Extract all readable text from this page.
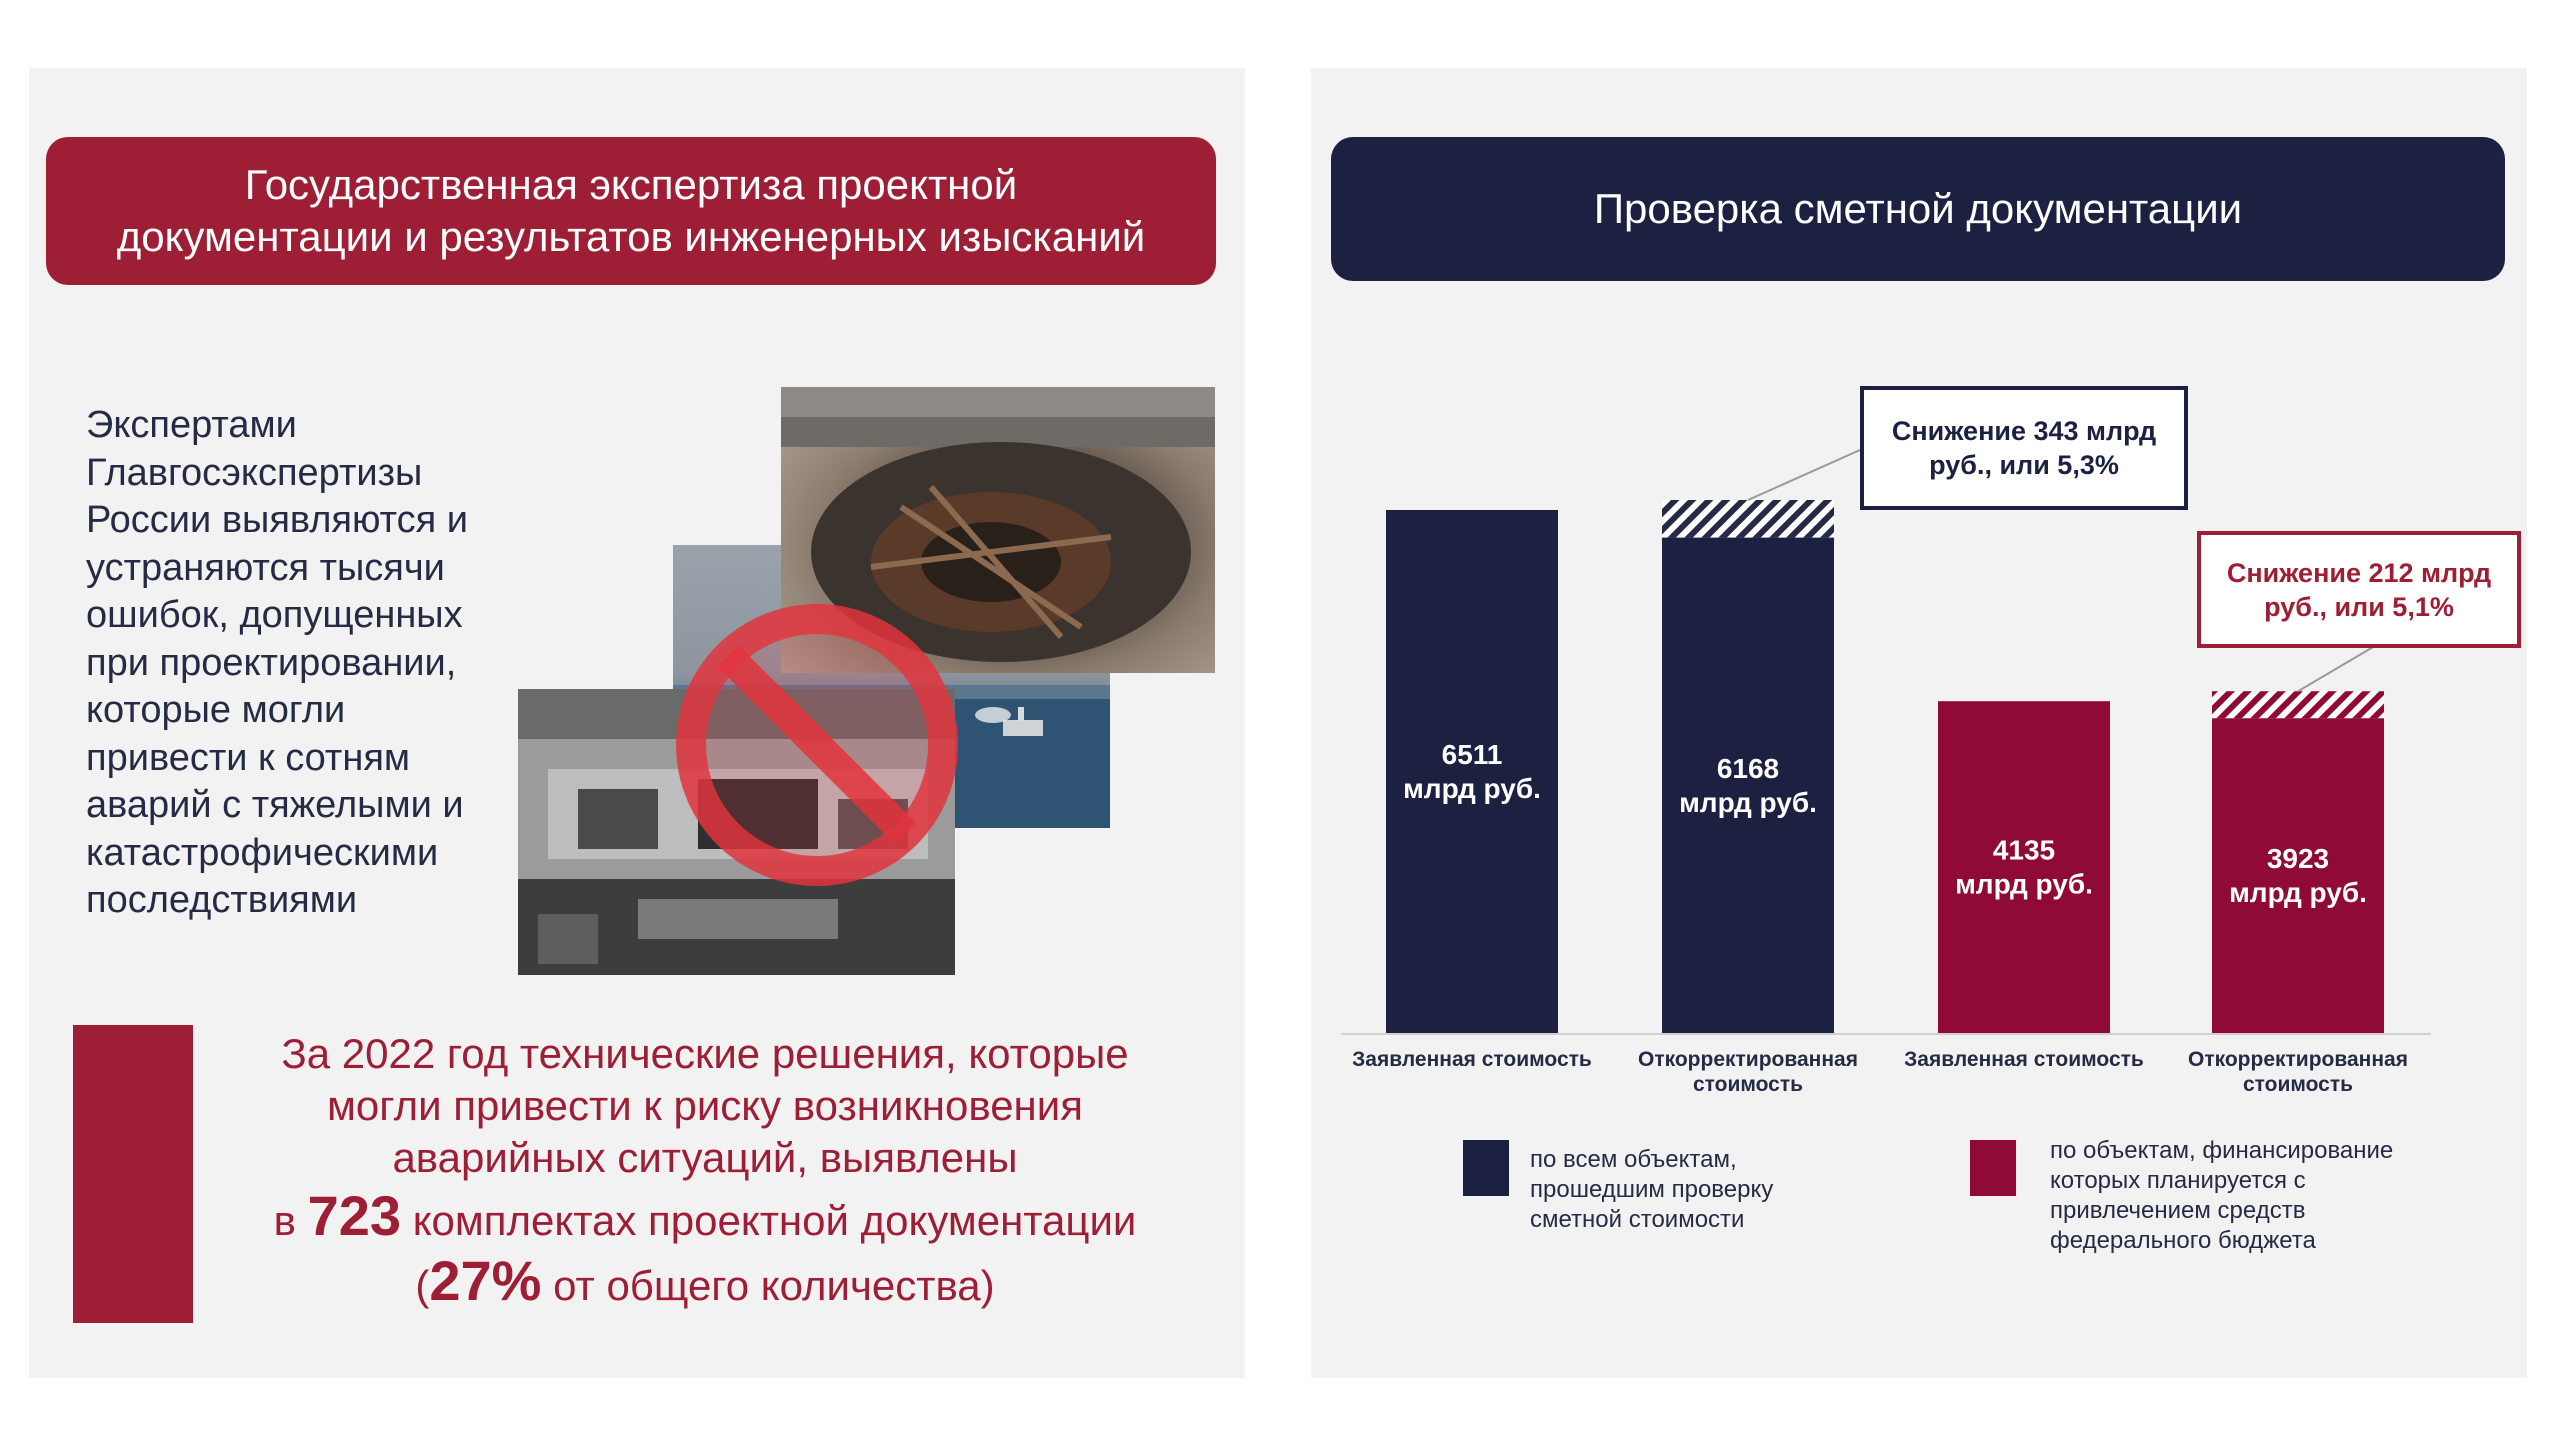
Государственная экспертиза проектной
документации и результатов инженерных изысканий
Экспертами
Главгосэкспертизы
России выявляются и
устраняются тысячи
ошибок, допущенных
при проектировании,
которые могли
привести к сотням
аварий с тяжелыми и
катастрофическими
последствиями
За 2022 год технические решения, которые
могли привести к риску возникновения
аварийных ситуаций, выявлены
в 723 комплектах проектной документации
(27% от общего количества)
Проверка сметной документации
6511
млрд руб.
6168
млрд руб.
4135
млрд руб.
3923
млрд руб.
Снижение 343 млрд
руб., или 5,3%
Снижение 212 млрд
руб., или 5,1%
Заявленная стоимость	Откорректированная
стоимость
Заявленная стоимость	Откорректированная
стоимость
по всем объектам,
прошедшим проверку
сметной стоимости
по объектам, финансирование
которых планируется с
привлечением средств
федерального бюджета
